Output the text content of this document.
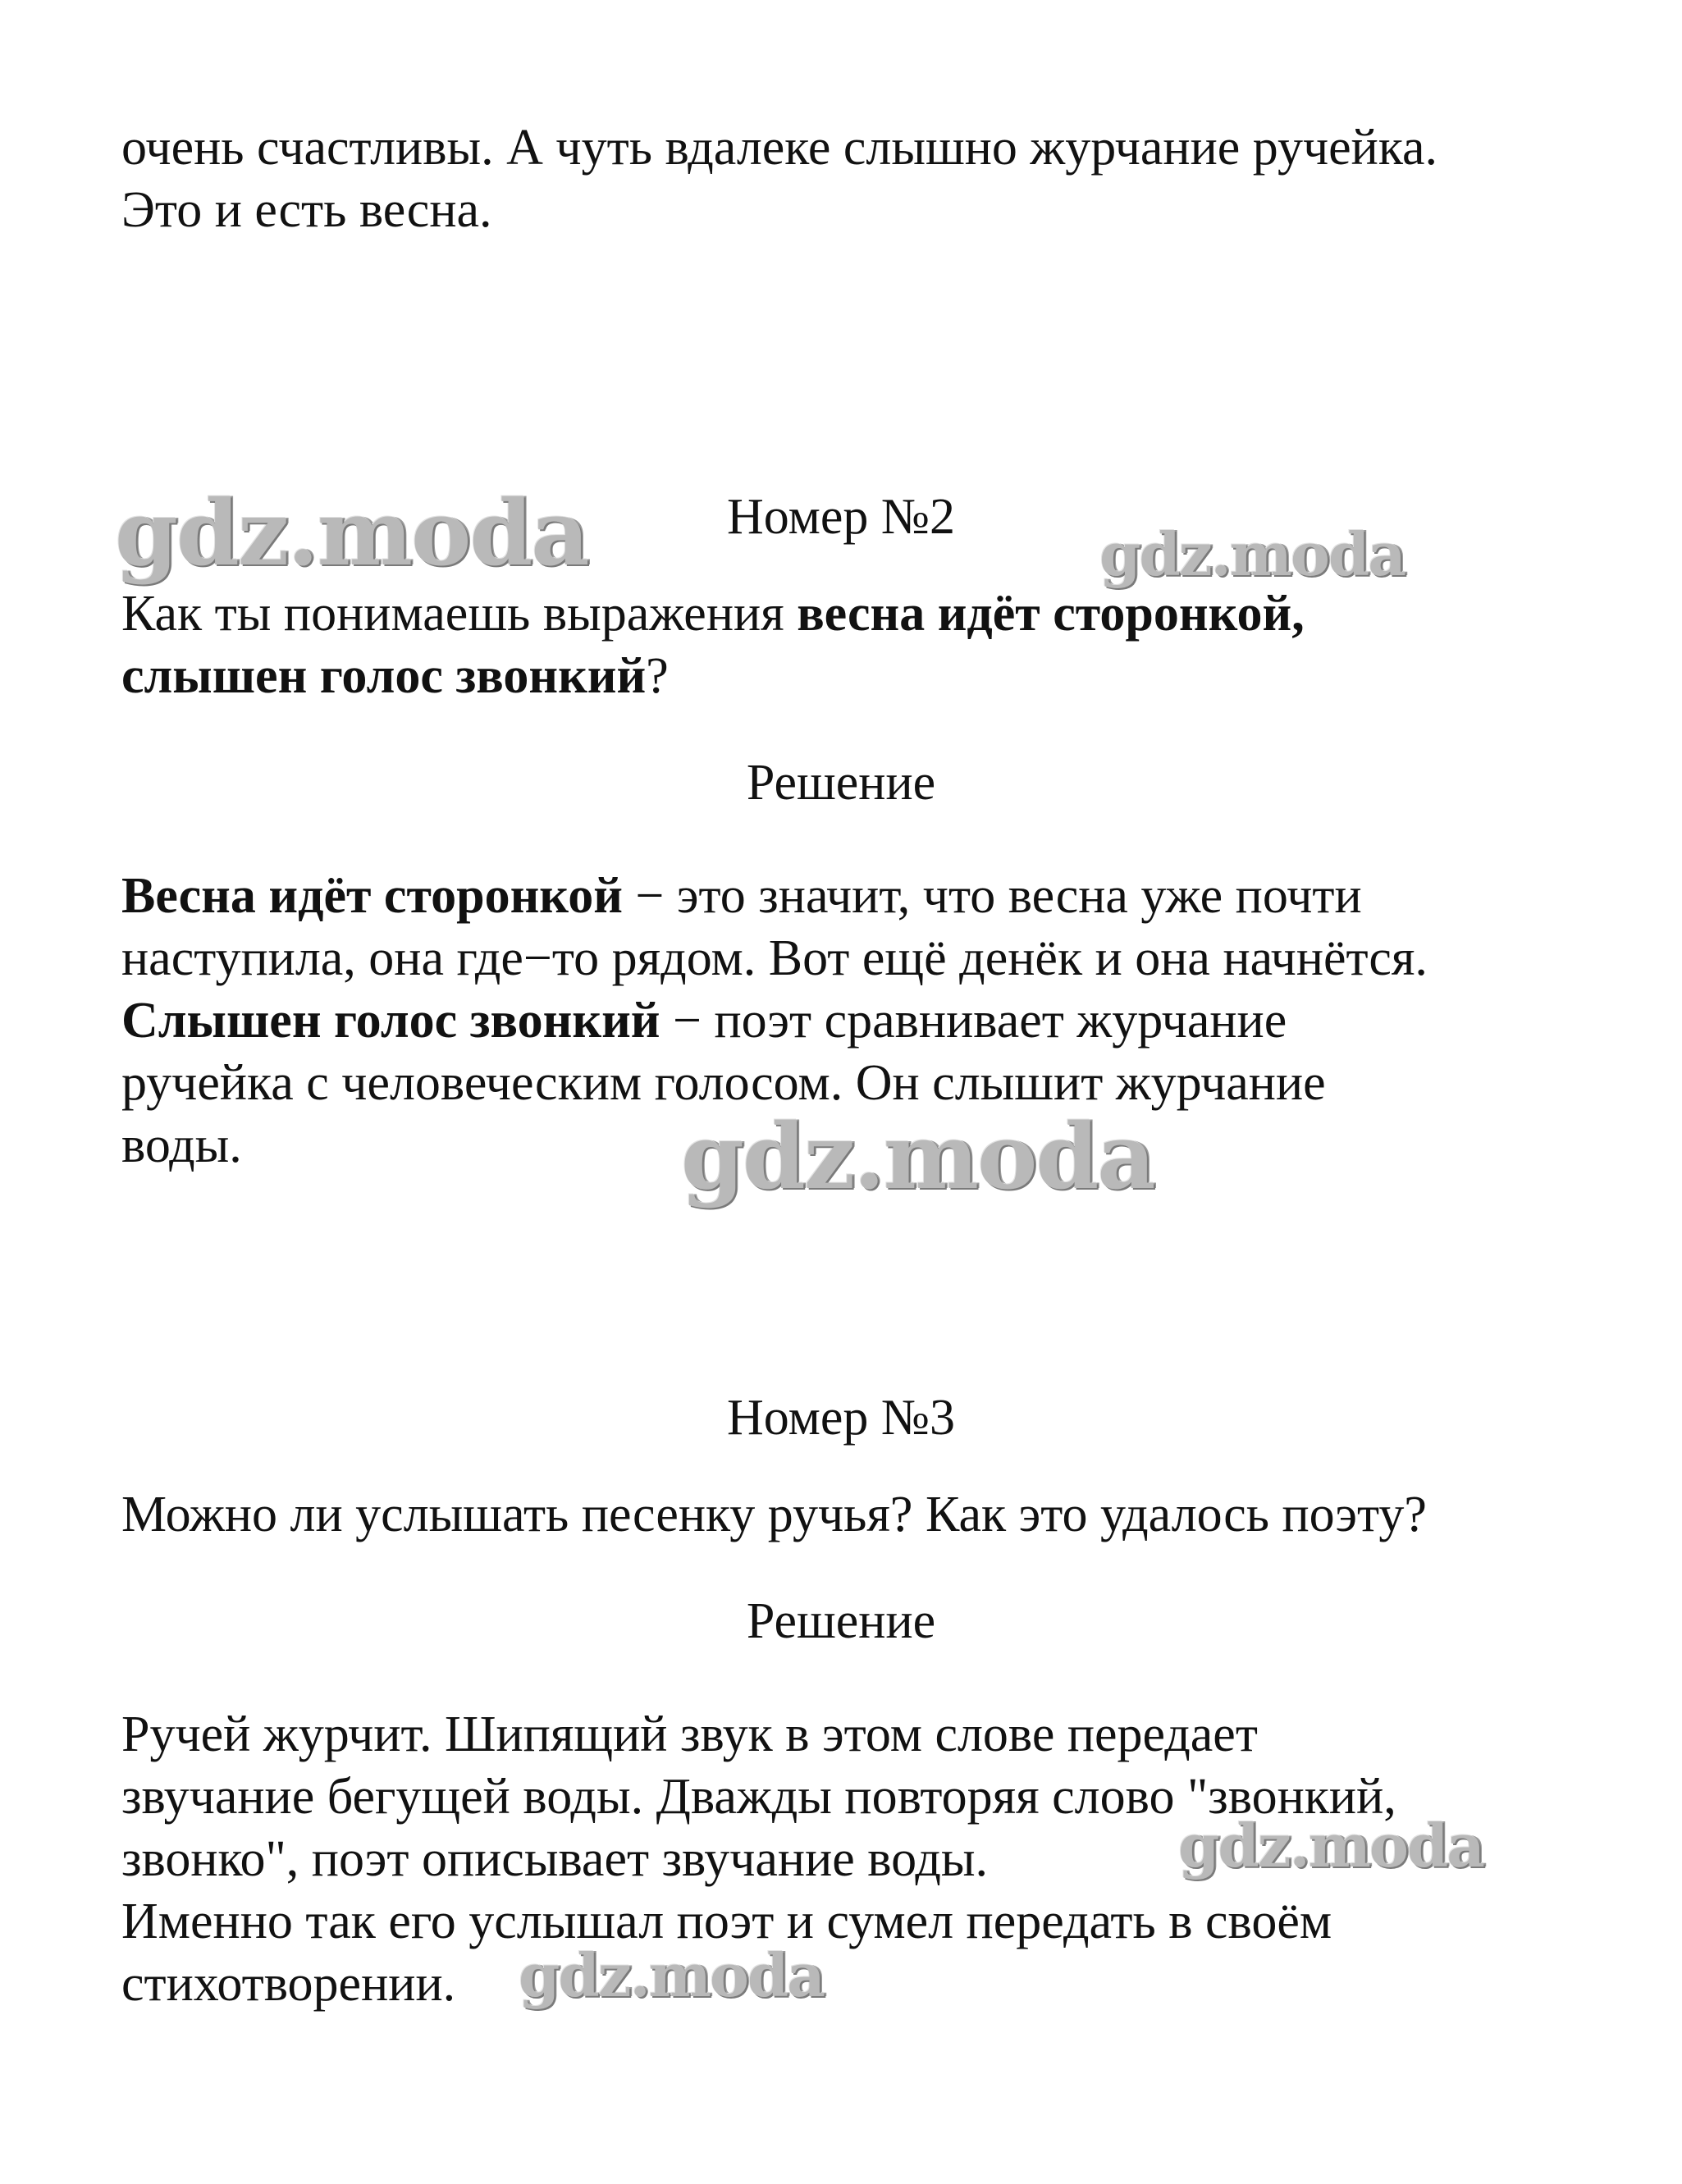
очень счастливы. А чуть вдалеке слышно журчание ручейка.
Это и есть весна.
Номер №2
Как ты понимаешь выражения весна идёт сторонкой,
слышен голос звонкий?
Решение
Весна идёт сторонкой − это значит, что весна уже почти
наступила, она где−то рядом. Вот ещё денёк и она начнётся.
Слышен голос звонкий − поэт сравнивает журчание
ручейка с человеческим голосом. Он слышит журчание
воды.
Номер №3
Можно ли услышать песенку ручья? Как это удалось поэту?
Решение
Ручей журчит. Шипящий звук в этом слове передает
звучание бегущей воды. Дважды повторяя слово "звонкий,
звонко", поэт описывает звучание воды.
Именно так его услышал поэт и сумел передать в своём
стихотворении.
gdz.moda	gdz.moda
gdz.moda
gdz.moda
gdz.moda
